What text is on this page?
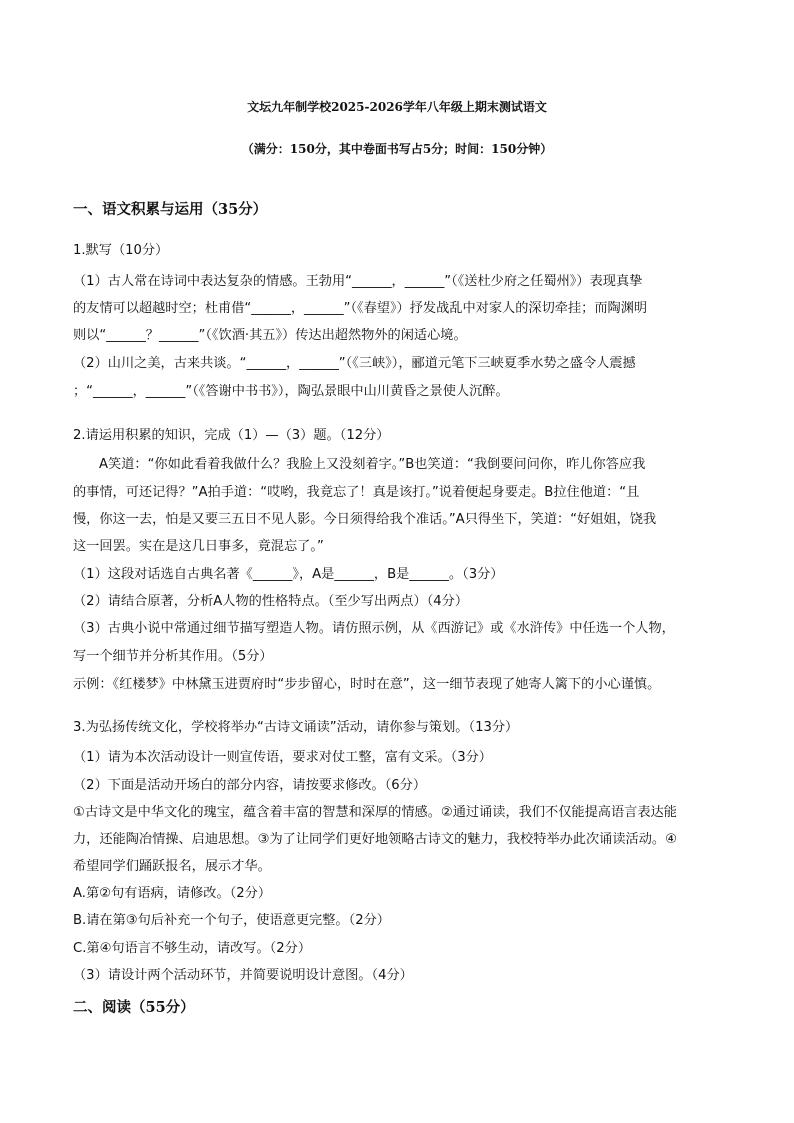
文坛九年制学校2025-2026学年八年级上期末测试语文
（满分：150分，其中卷面书写占5分；时间：150分钟）
一、语文积累与运用（35分）
1.默写（10分）
（1）古人常在诗词中表达复杂的情感。王勃用“______，______”（《送杜少府之任蜀州》）表现真挚
的友情可以超越时空；杜甫借“______，______”（《春望》）抒发战乱中对家人的深切牵挂；而陶渊明
则以“______？______”（《饮酒·其五》）传达出超然物外的闲适心境。
（2）山川之美，古来共谈。“______，______”（《三峡》），郦道元笔下三峡夏季水势之盛令人震撼
；“______，______”（《答谢中书书》），陶弘景眼中山川黄昏之景使人沉醉。
2.请运用积累的知识，完成（1）—（3）题。（12分）
A笑道：“你如此看着我做什么？我脸上又没刻着字。”B也笑道：“我倒要问问你，昨儿你答应我
的事情，可还记得？”A拍手道：“哎哟，我竟忘了！真是该打。”说着便起身要走。B拉住他道：“且
慢，你这一去，怕是又要三五日不见人影。今日须得给我个准话。”A只得坐下，笑道：“好姐姐，饶我
这一回罢。实在是这几日事多，竟混忘了。”
（1）这段对话选自古典名著《______》，A是______，B是______。（3分）
（2）请结合原著，分析A人物的性格特点。（至少写出两点）（4分）
（3）古典小说中常通过细节描写塑造人物。请仿照示例，从《西游记》或《水浒传》中任选一个人物，
写一个细节并分析其作用。（5分）
示例：《红楼梦》中林黛玉进贾府时“步步留心，时时在意”，这一细节表现了她寄人篱下的小心谨慎。
3.为弘扬传统文化，学校将举办“古诗文诵读”活动，请你参与策划。（13分）
（1）请为本次活动设计一则宣传语，要求对仗工整，富有文采。（3分）
（2）下面是活动开场白的部分内容，请按要求修改。（6分）
①古诗文是中华文化的瑰宝，蕴含着丰富的智慧和深厚的情感。②通过诵读，我们不仅能提高语言表达能
力，还能陶冶情操、启迪思想。③为了让同学们更好地领略古诗文的魅力，我校特举办此次诵读活动。④
希望同学们踊跃报名，展示才华。
A.第②句有语病，请修改。（2分）
B.请在第③句后补充一个句子，使语意更完整。（2分）
C.第④句语言不够生动，请改写。（2分）
（3）请设计两个活动环节，并简要说明设计意图。（4分）
二、阅读（55分）
